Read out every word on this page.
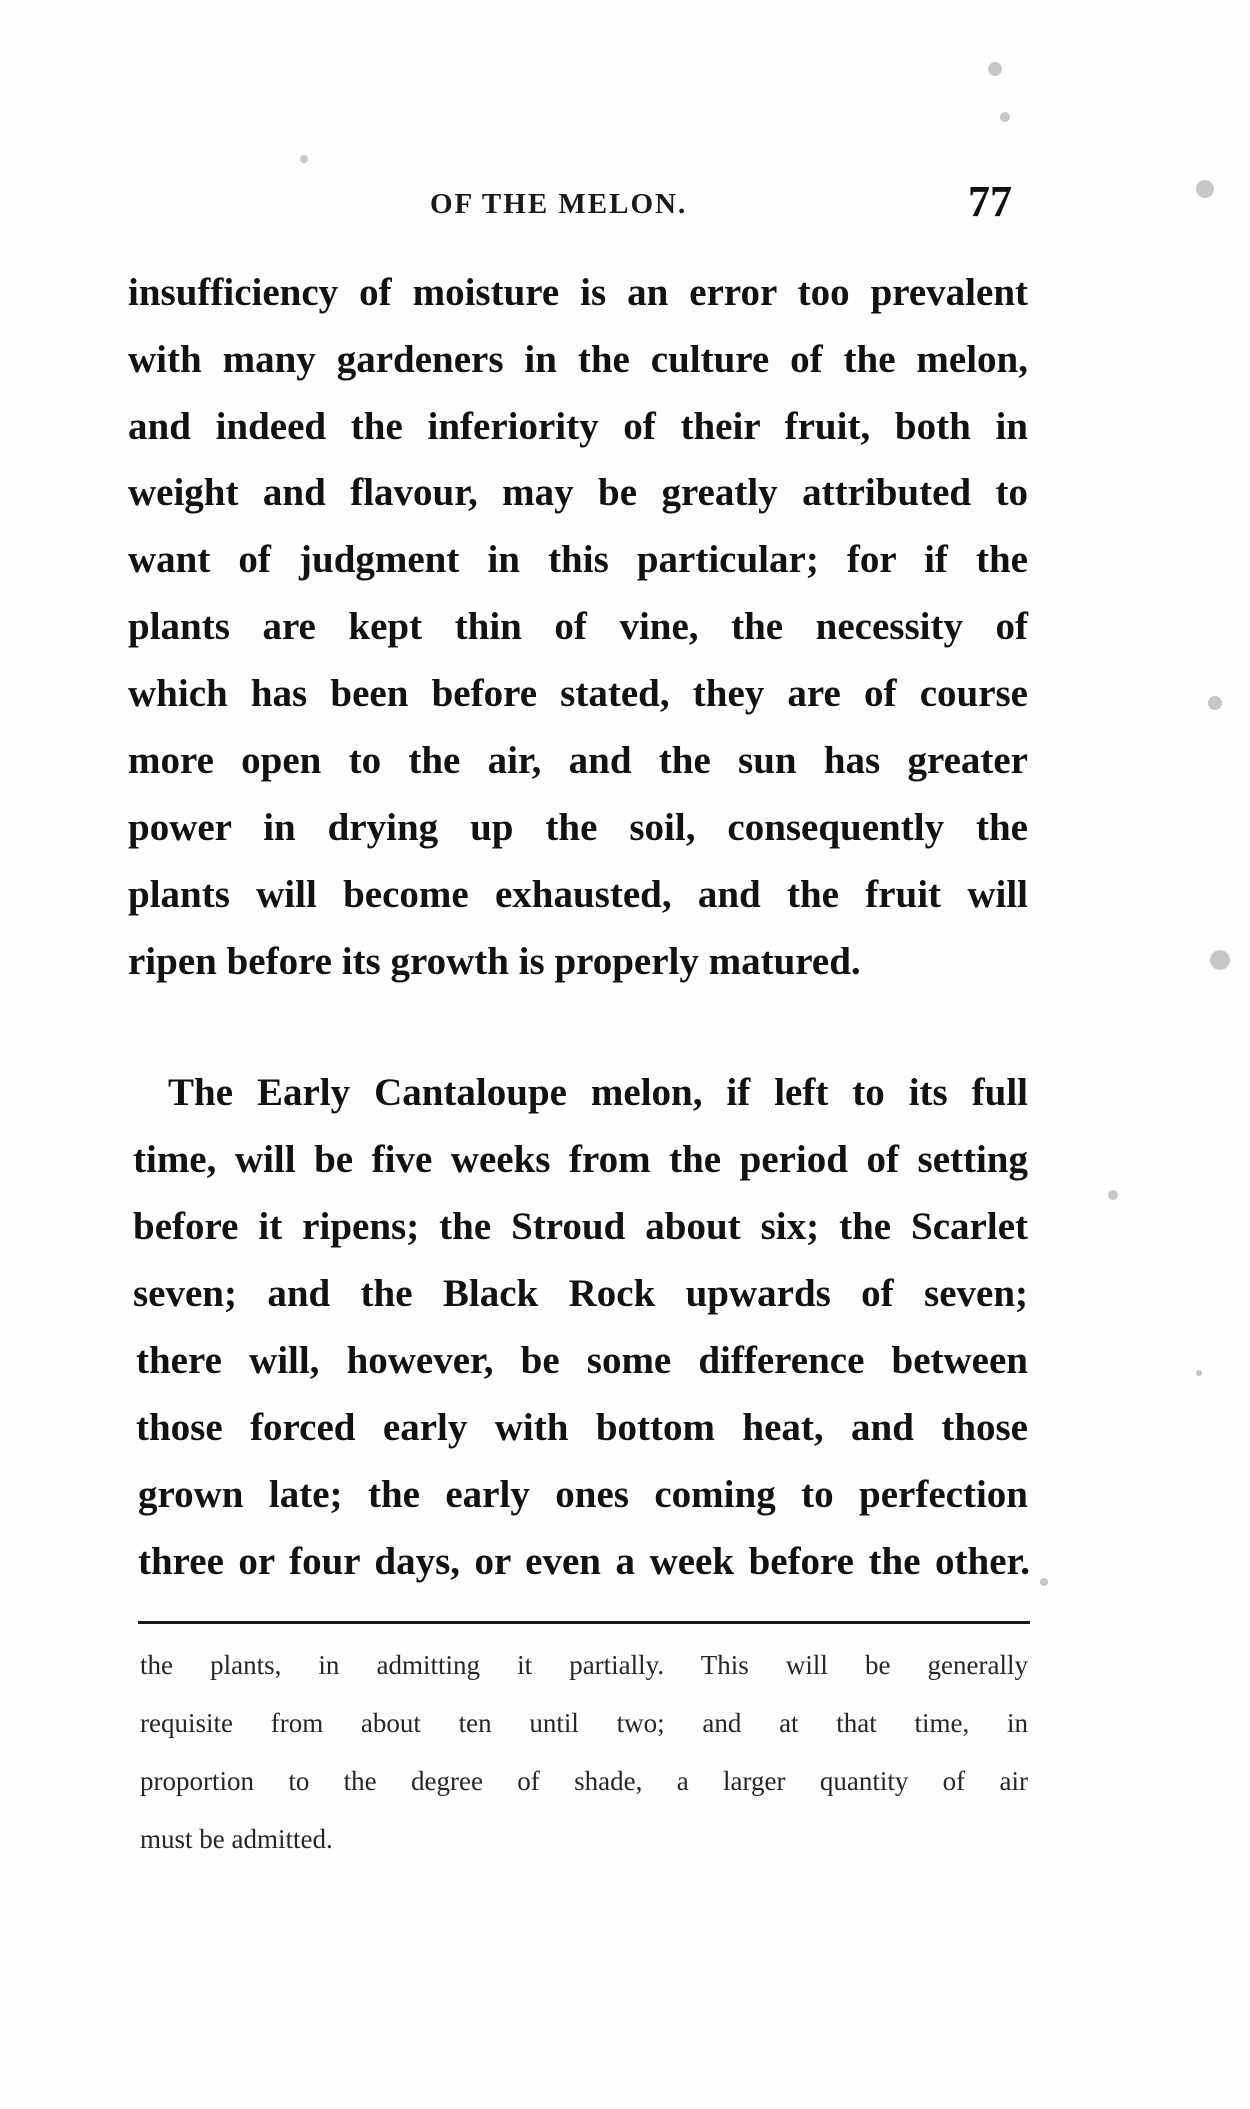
OF THE MELON.	77
insufficiency of moisture is an error too prevalent
with many gardeners in the culture of the melon,
and indeed the inferiority of their fruit, both in
weight and flavour, may be greatly attributed to
want of judgment in this particular; for if the
plants are kept thin of vine, the necessity of
which has been before stated, they are of course
more open to the air, and the sun has greater
power in drying up the soil, consequently the
plants will become exhausted, and the fruit will
ripen before its growth is properly matured.
The Early Cantaloupe melon, if left to its full
time, will be five weeks from the period of setting
before it ripens; the Stroud about six; the Scarlet
seven; and the Black Rock upwards of seven;
there will, however, be some difference between
those forced early with bottom heat, and those
grown late; the early ones coming to perfection
three or four days, or even a week before the other.
the plants, in admitting it partially. This will be generally
requisite from about ten until two; and at that time, in
proportion to the degree of shade, a larger quantity of air
must be admitted.
